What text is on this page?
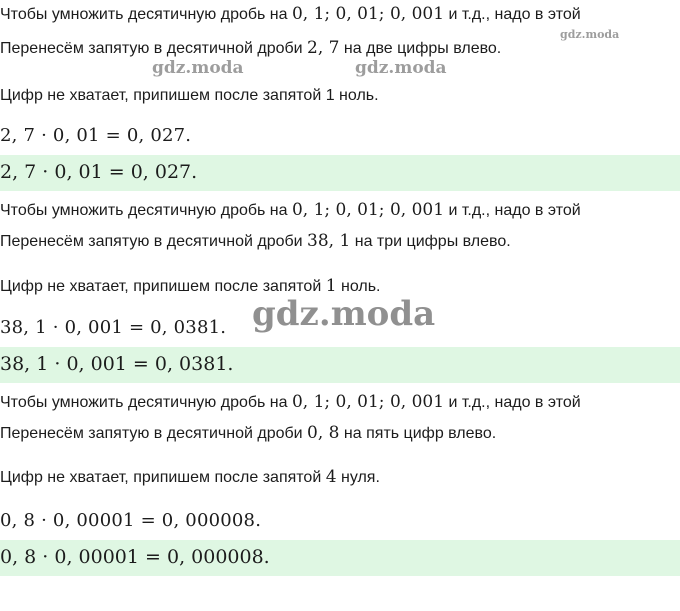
Чтобы умножить десятичную дробь на 0, 1; 0, 01; 0, 001 и т.д., надо в этой
Перенесём запятую в десятичной дроби 2, 7 на две цифры влево.
Цифр не хватает, припишем после запятой 1 ноль.
2, 7 · 0, 01 = 0, 027.
2, 7 · 0, 01 = 0, 027.
Чтобы умножить десятичную дробь на 0, 1; 0, 01; 0, 001 и т.д., надо в этой
Перенесём запятую в десятичной дроби 38, 1 на три цифры влево.
Цифр не хватает, припишем после запятой 1 ноль.
38, 1 · 0, 001 = 0, 0381.
38, 1 · 0, 001 = 0, 0381.
Чтобы умножить десятичную дробь на 0, 1; 0, 01; 0, 001 и т.д., надо в этой
Перенесём запятую в десятичной дроби 0, 8 на пять цифр влево.
Цифр не хватает, припишем после запятой 4 нуля.
0, 8 · 0, 00001 = 0, 000008.
0, 8 · 0, 00001 = 0, 000008.
gdz.moda
gdz.moda	gdz.moda
gdz.moda
